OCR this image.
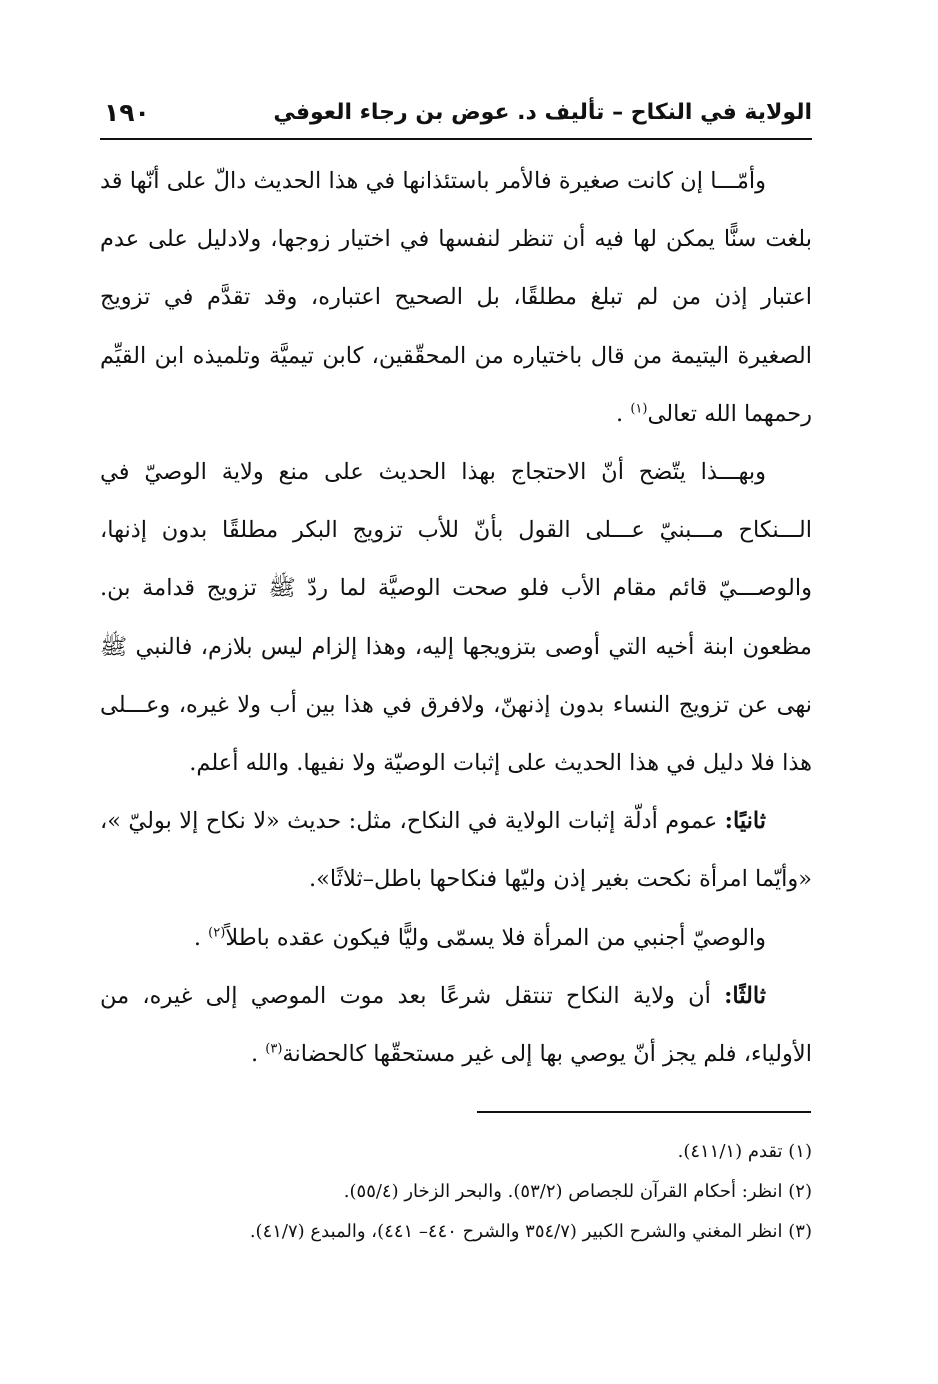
الولاية في النكاح – تأليف د. عوض بن رجاء العوفي
١٩٠

وأمّـــا إن كانت صغيرة فالأمر باستئذانها في هذا الحديث دالّ على أنّها قد بلغت سنًّا يمكن لها فيه أن تنظر لنفسها في اختيار زوجها، ولادليل على عدم اعتبار إذن من لم تبلغ مطلقًا، بل الصحيح اعتباره، وقد تقدَّم في تزويج الصغيرة اليتيمة من قال باختياره من المحقّقين، كابن تيميَّة وتلميذه ابن القيِّم رحمهما الله تعالى$^{(١)}$ .

وبهـــذا يتّضح أنّ الاحتجاج بهذا الحديث على منع ولاية الوصيّ في الـــنكاح مـــبنيّ عـــلى القول بأنّ للأب تزويج البكر مطلقًا بدون إذنها، والوصـــيّ قائم مقام الأب فلو صحت الوصيَّة لما ردّ ﷺ تزويج قدامة بن. مظعون ابنة أخيه التي أوصى بتزويجها إليه، وهذا إلزام ليس بلازم، فالنبي ﷺ نهى عن تزويج النساء بدون إذنهنّ، ولافرق في هذا بين أب ولا غيره، وعـــلى هذا فلا دليل في هذا الحديث على إثبات الوصيّة ولا نفيها. والله أعلم.

ثانيًا: عموم أدلّة إثبات الولاية في النكاح، مثل: حديث «لا نكاح إلا بوليّ »، «وأيّما امرأة نكحت بغير إذن وليّها فنكاحها باطل–ثلاثًا».

والوصيّ أجنبي من المرأة فلا يسمّى وليًّا فيكون عقده باطلاً$^{(٢)}$ .

ثالثًا: أن ولاية النكاح تنتقل شرعًا بعد موت الموصي إلى غيره، من الأولياء، فلم يجز أنّ يوصي بها إلى غير مستحقّها كالحضانة$^{(٣)}$ .

(١) تقدم (٤١١/١).

(٢) انظر: أحكام القرآن للجصاص (٥٣/٢). والبحر الزخار (٥٥/٤).

(٣) انظر المغني والشرح الكبير (٣٥٤/٧ والشرح ٤٤٠– ٤٤١)، والمبدع (٤١/٧).
